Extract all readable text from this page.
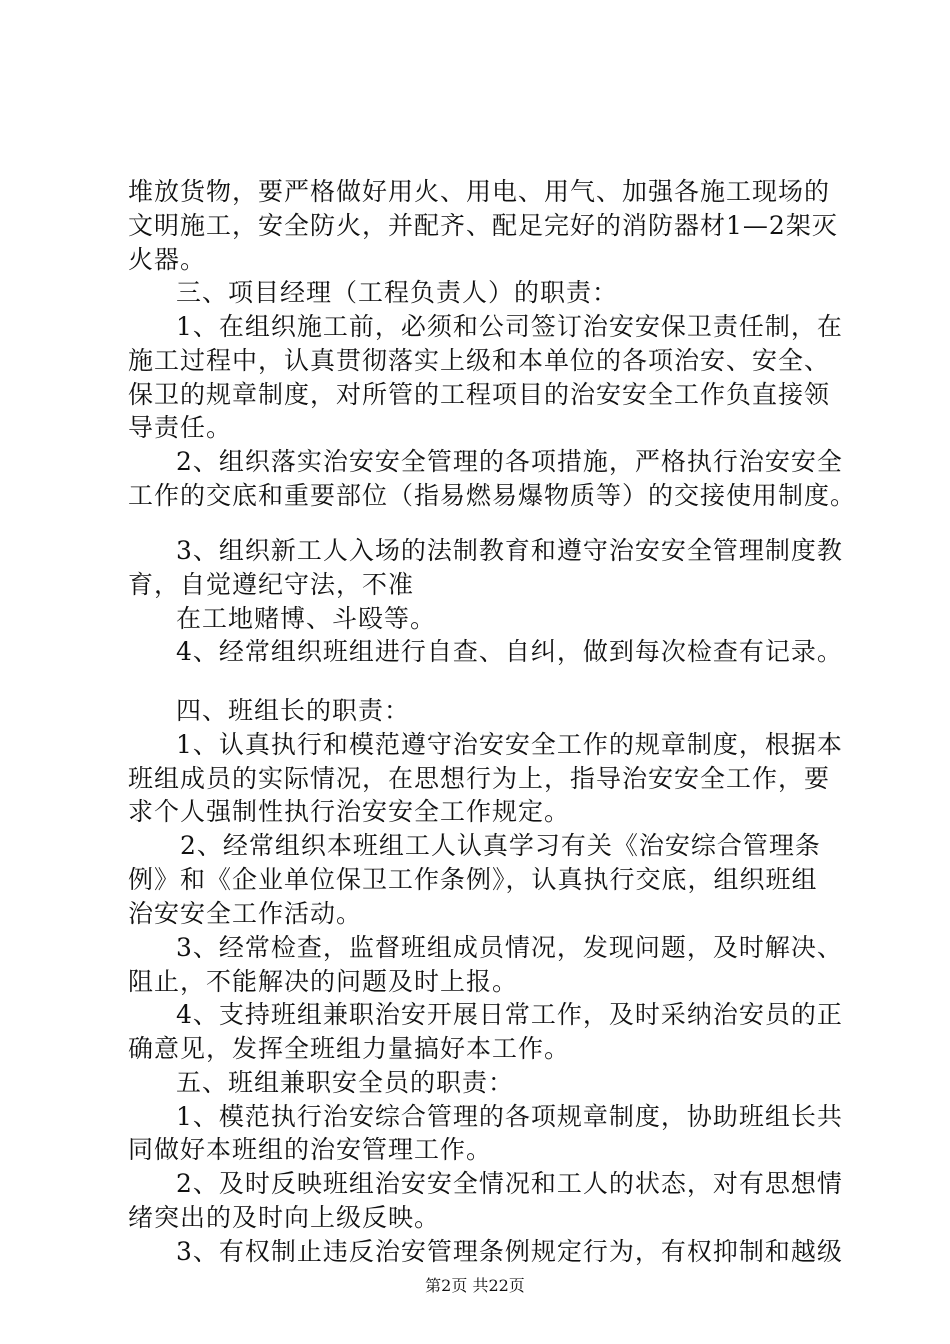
堆放货物，要严格做好用火、用电、用气、加强各施工现场的
文明施工，安全防火，并配齐、配足完好的消防器材1—2架灭
火器。
三、项目经理（工程负责人）的职责：
1、在组织施工前，必须和公司签订治安安保卫责任制，在
施工过程中，认真贯彻落实上级和本单位的各项治安、安全、
保卫的规章制度，对所管的工程项目的治安安全工作负直接领
导责任。
2、组织落实治安安全管理的各项措施，严格执行治安安全
工作的交底和重要部位（指易燃易爆物质等）的交接使用制度。
3、组织新工人入场的法制教育和遵守治安安全管理制度教
育，自觉遵纪守法，不准
在工地赌博、斗殴等。
4、经常组织班组进行自查、自纠，做到每次检查有记录。
四、班组长的职责：
1、认真执行和模范遵守治安安全工作的规章制度，根据本
班组成员的实际情况，在思想行为上，指导治安安全工作，要
求个人强制性执行治安安全工作规定。
2、经常组织本班组工人认真学习有关《治安综合管理条
例》和《企业单位保卫工作条例》，认真执行交底，组织班组
治安安全工作活动。
3、经常检查，监督班组成员情况，发现问题，及时解决、
阻止，不能解决的问题及时上报。
4、支持班组兼职治安开展日常工作，及时采纳治安员的正
确意见，发挥全班组力量搞好本工作。
五、班组兼职安全员的职责：
1、模范执行治安综合管理的各项规章制度，协助班组长共
同做好本班组的治安管理工作。
2、及时反映班组治安安全情况和工人的状态，对有思想情
绪突出的及时向上级反映。
3、有权制止违反治安管理条例规定行为，有权抑制和越级
第2页 共22页
